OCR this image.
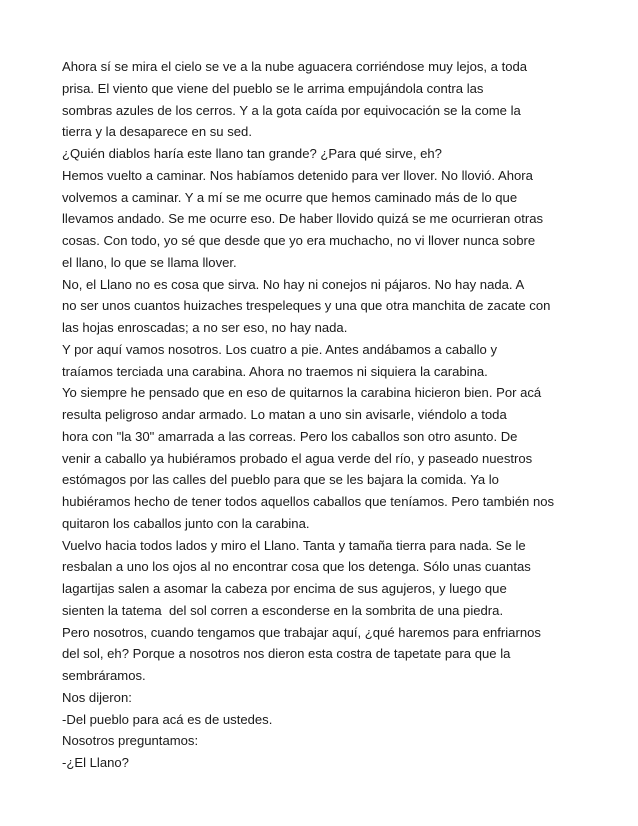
Ahora sí se mira el cielo se ve a la nube aguacera corriéndose muy lejos, a toda
prisa. El viento que viene del pueblo se le arrima empujándola contra las
sombras azules de los cerros. Y a la gota caída por equivocación se la come la
tierra y la desaparece en su sed.
¿Quién diablos haría este llano tan grande? ¿Para qué sirve, eh?
Hemos vuelto a caminar. Nos habíamos detenido para ver llover. No llovió. Ahora
volvemos a caminar. Y a mí se me ocurre que hemos caminado más de lo que
llevamos andado. Se me ocurre eso. De haber llovido quizá se me ocurrieran otras
cosas. Con todo, yo sé que desde que yo era muchacho, no vi llover nunca sobre
el llano, lo que se llama llover.
No, el Llano no es cosa que sirva. No hay ni conejos ni pájaros. No hay nada. A
no ser unos cuantos huizaches trespeleques y una que otra manchita de zacate con
las hojas enroscadas; a no ser eso, no hay nada.
Y por aquí vamos nosotros. Los cuatro a pie. Antes andábamos a caballo y
traíamos terciada una carabina. Ahora no traemos ni siquiera la carabina.
Yo siempre he pensado que en eso de quitarnos la carabina hicieron bien. Por acá
resulta peligroso andar armado. Lo matan a uno sin avisarle, viéndolo a toda
hora con "la 30" amarrada a las correas. Pero los caballos son otro asunto. De
venir a caballo ya hubiéramos probado el agua verde del río, y paseado nuestros
estómagos por las calles del pueblo para que se les bajara la comida. Ya lo
hubiéramos hecho de tener todos aquellos caballos que teníamos. Pero también nos
quitaron los caballos junto con la carabina.
Vuelvo hacia todos lados y miro el Llano. Tanta y tamaña tierra para nada. Se le
resbalan a uno los ojos al no encontrar cosa que los detenga. Sólo unas cuantas
lagartijas salen a asomar la cabeza por encima de sus agujeros, y luego que
sienten la tatema  del sol corren a esconderse en la sombrita de una piedra.
Pero nosotros, cuando tengamos que trabajar aquí, ¿qué haremos para enfriarnos
del sol, eh? Porque a nosotros nos dieron esta costra de tapetate para que la
sembráramos.
Nos dijeron:
-Del pueblo para acá es de ustedes.
Nosotros preguntamos:
-¿El Llano?
